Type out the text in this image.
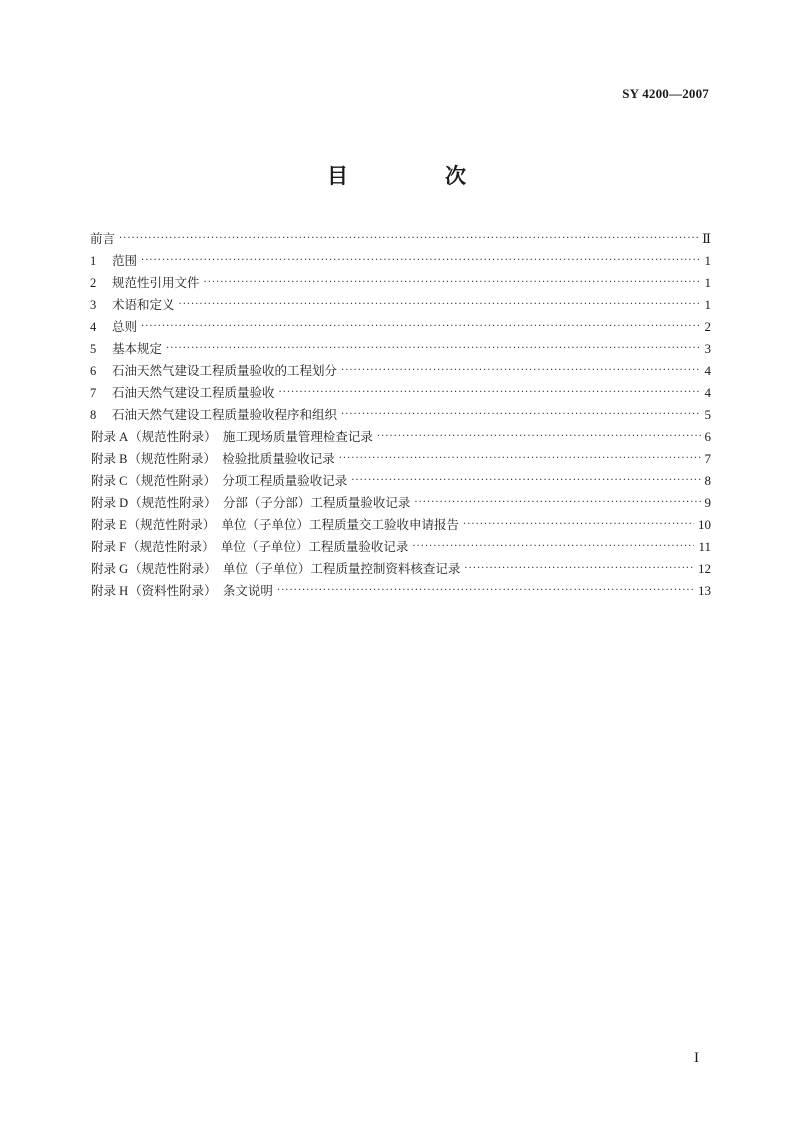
SY 4200—2007
目　次
前言 ·····	Ⅱ
1 范围 ·····	1
2 规范性引用文件 ·····	1
3 术语和定义 ·····	1
4 总则 ·····	2
5 基本规定 ·····	3
6 石油天然气建设工程质量验收的工程划分 ·····	4
7 石油天然气建设工程质量验收 ·····	4
8 石油天然气建设工程质量验收程序和组织 ·····	5
附录 A（规范性附录）　施工现场质量管理检查记录 ·····	6
附录 B（规范性附录）　检验批质量验收记录 ·····	7
附录 C（规范性附录）　分项工程质量验收记录 ·····	8
附录 D（规范性附录）　分部（子分部）工程质量验收记录 ·····	9
附录 E（规范性附录）　单位（子单位）工程质量交工验收申请报告 ·····	10
附录 F（规范性附录）　单位（子单位）工程质量验收记录 ·····	11
附录 G（规范性附录）　单位（子单位）工程质量控制资料核查记录 ·····	12
附录 H（资料性附录）　条文说明 ·····	13
I
